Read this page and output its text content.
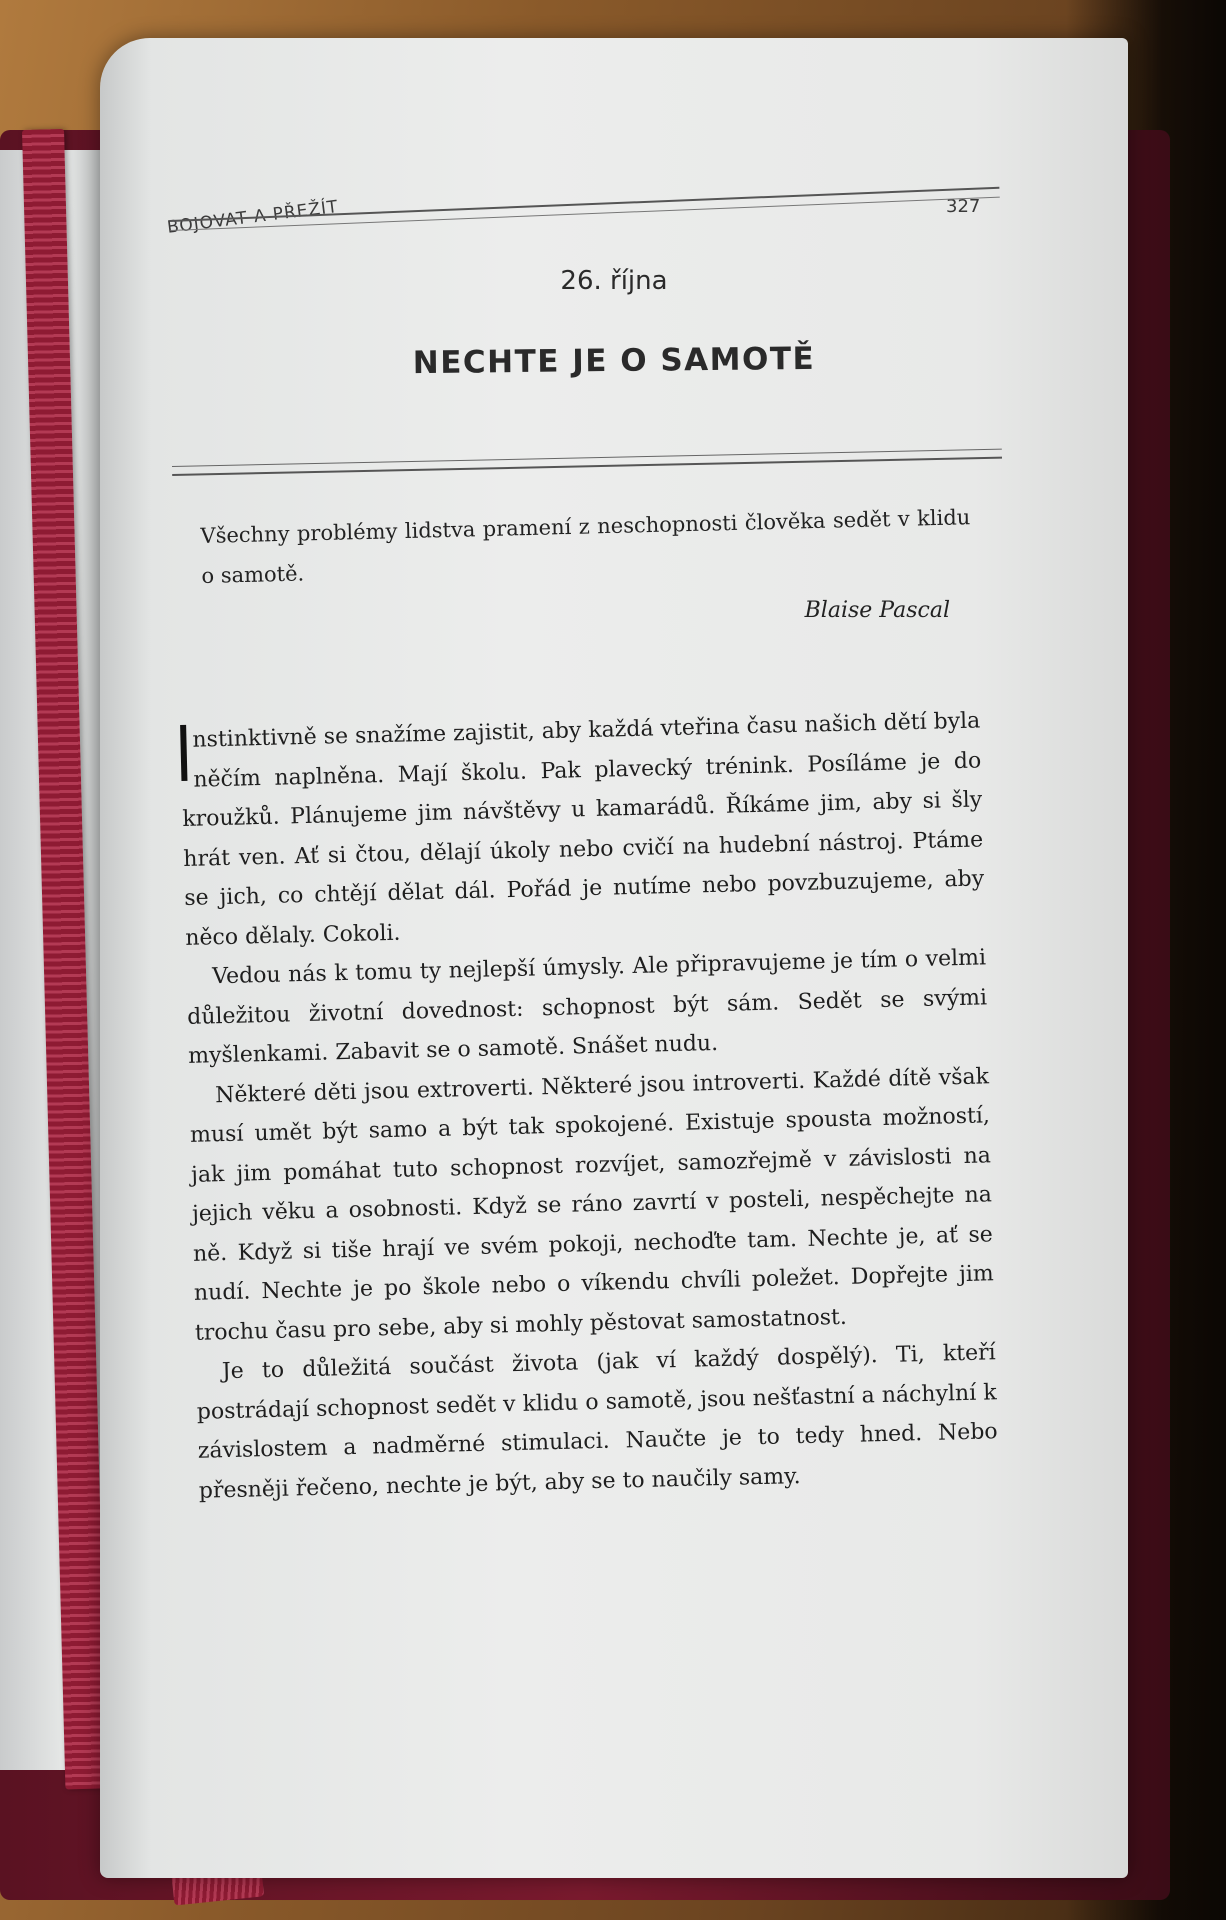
BOJOVAT A PŘEŽÍT	327
26. října
NECHTE JE O SAMOTĚ
Všechny problémy lidstva pramení z neschopnosti člověka sedět v klidu o samotě.
Blaise Pascal

nstinktivně se snažíme zajistit, aby každá vteřina času našich dětí byla něčím naplněna. Mají školu. Pak plavecký trénink. Posíláme je do kroužků. Plánujeme jim návštěvy u kamarádů. Říkáme jim, aby si šly hrát ven. Ať si čtou, dělají úkoly nebo cvičí na hudební nástroj. Ptáme se jich, co chtějí dělat dál. Pořád je nutíme nebo povzbuzujeme, aby něco dělaly. Cokoli.

Vedou nás k tomu ty nejlepší úmysly. Ale připravujeme je tím o velmi důležitou životní dovednost: schopnost být sám. Sedět se svými myšlenkami. Zabavit se o samotě. Snášet nudu.

Některé děti jsou extroverti. Některé jsou introverti. Každé dítě však musí umět být samo a být tak spokojené. Existuje spousta možností, jak jim pomáhat tuto schopnost rozvíjet, samozřejmě v závislosti na jejich věku a osobnosti. Když se ráno zavrtí v posteli, nespěchejte na ně. Když si tiše hrají ve svém pokoji, nechoďte tam. Nechte je, ať se nudí. Nechte je po škole nebo o víkendu chvíli poležet. Dopřejte jim trochu času pro sebe, aby si mohly pěstovat samostatnost.

Je to důležitá součást života (jak ví každý dospělý). Ti, kteří postrádají schopnost sedět v klidu o samotě, jsou nešťastní a náchylní k závislostem a nadměrné stimulaci. Naučte je to tedy hned. Nebo přesněji řečeno, nechte je být, aby se to naučily samy.
